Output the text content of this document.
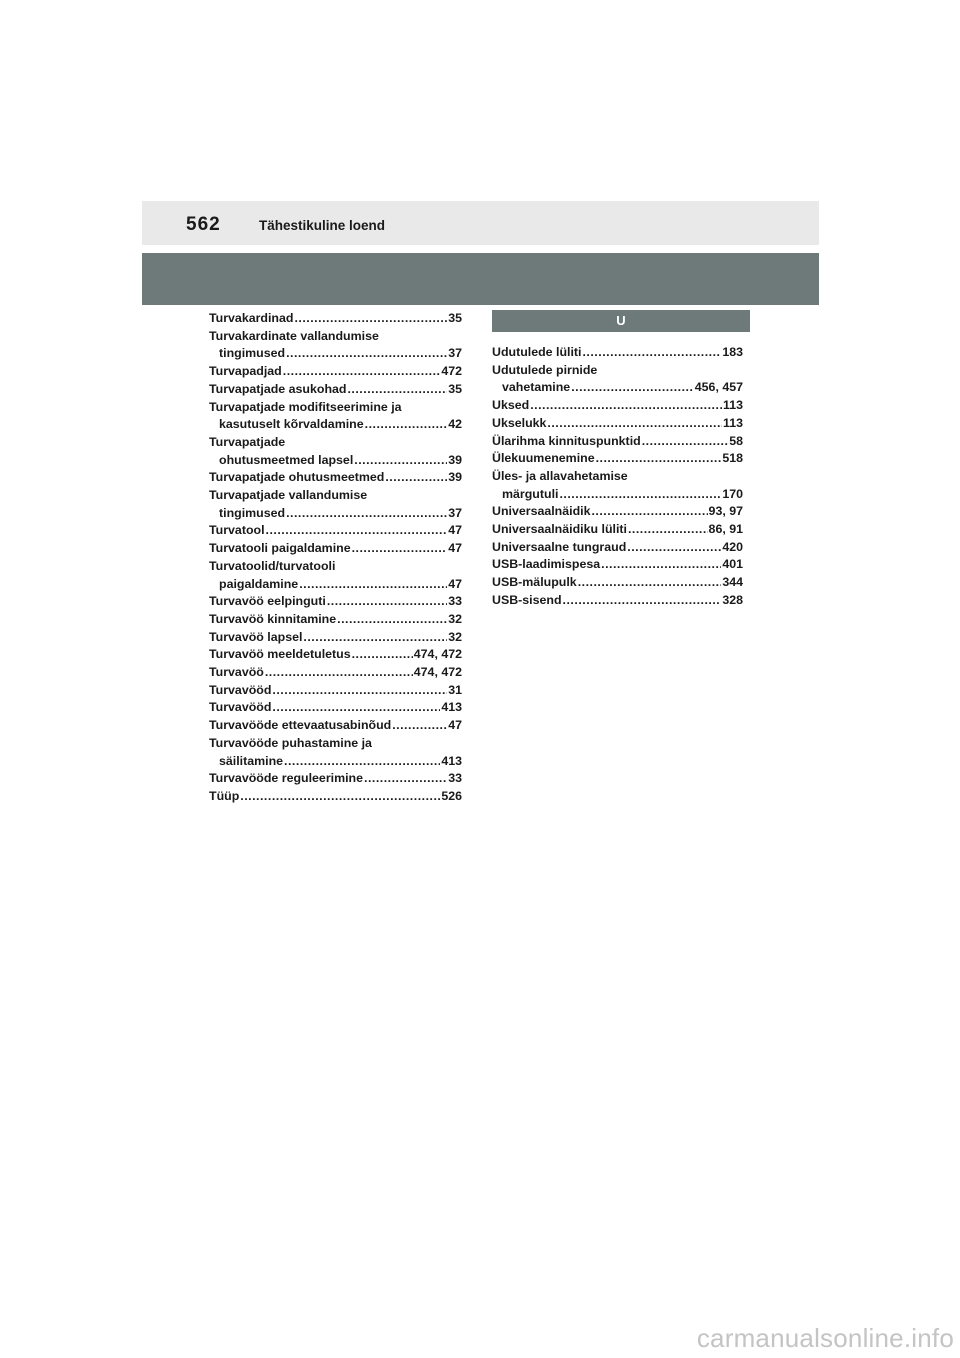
562	Tähestikuline loend
Turvakardinad .....	35
Turvakardinate vallandumise
tingimused .....	37
Turvapadjad .....	472
Turvapatjade asukohad .....	35
Turvapatjade modifitseerimine ja
kasutuselt kõrvaldamine .....	42
Turvapatjade
ohutusmeetmed lapsel .....	39
Turvapatjade ohutusmeetmed .....	39
Turvapatjade vallandumise
tingimused .....	37
Turvatool .....	47
Turvatooli paigaldamine .....	47
Turvatoolid/turvatooli
paigaldamine .....	47
Turvavöö eelpinguti .....	33
Turvavöö kinnitamine .....	32
Turvavöö lapsel .....	32
Turvavöö meeldetuletus .....	474, 472
Turvavöö .....	474, 472
Turvavööd .....	31
Turvavööd .....	413
Turvavööde ettevaatusabinõud .....	47
Turvavööde puhastamine ja
säilitamine .....	413
Turvavööde reguleerimine .....	33
Tüüp .....	526
U
Udutulede lüliti .....	183
Udutulede pirnide
vahetamine .....	456, 457
Uksed .....	113
Ukselukk .....	113
Ülarihma kinnituspunktid .....	58
Ülekuumenemine .....	518
Üles- ja allavahetamise
märgutuli .....	170
Universaalnäidik .....	93, 97
Universaalnäidiku lüliti .....	86, 91
Universaalne tungraud .....	420
USB-laadimispesa .....	401
USB-mälupulk .....	344
USB-sisend .....	328
carmanualsonline.info
